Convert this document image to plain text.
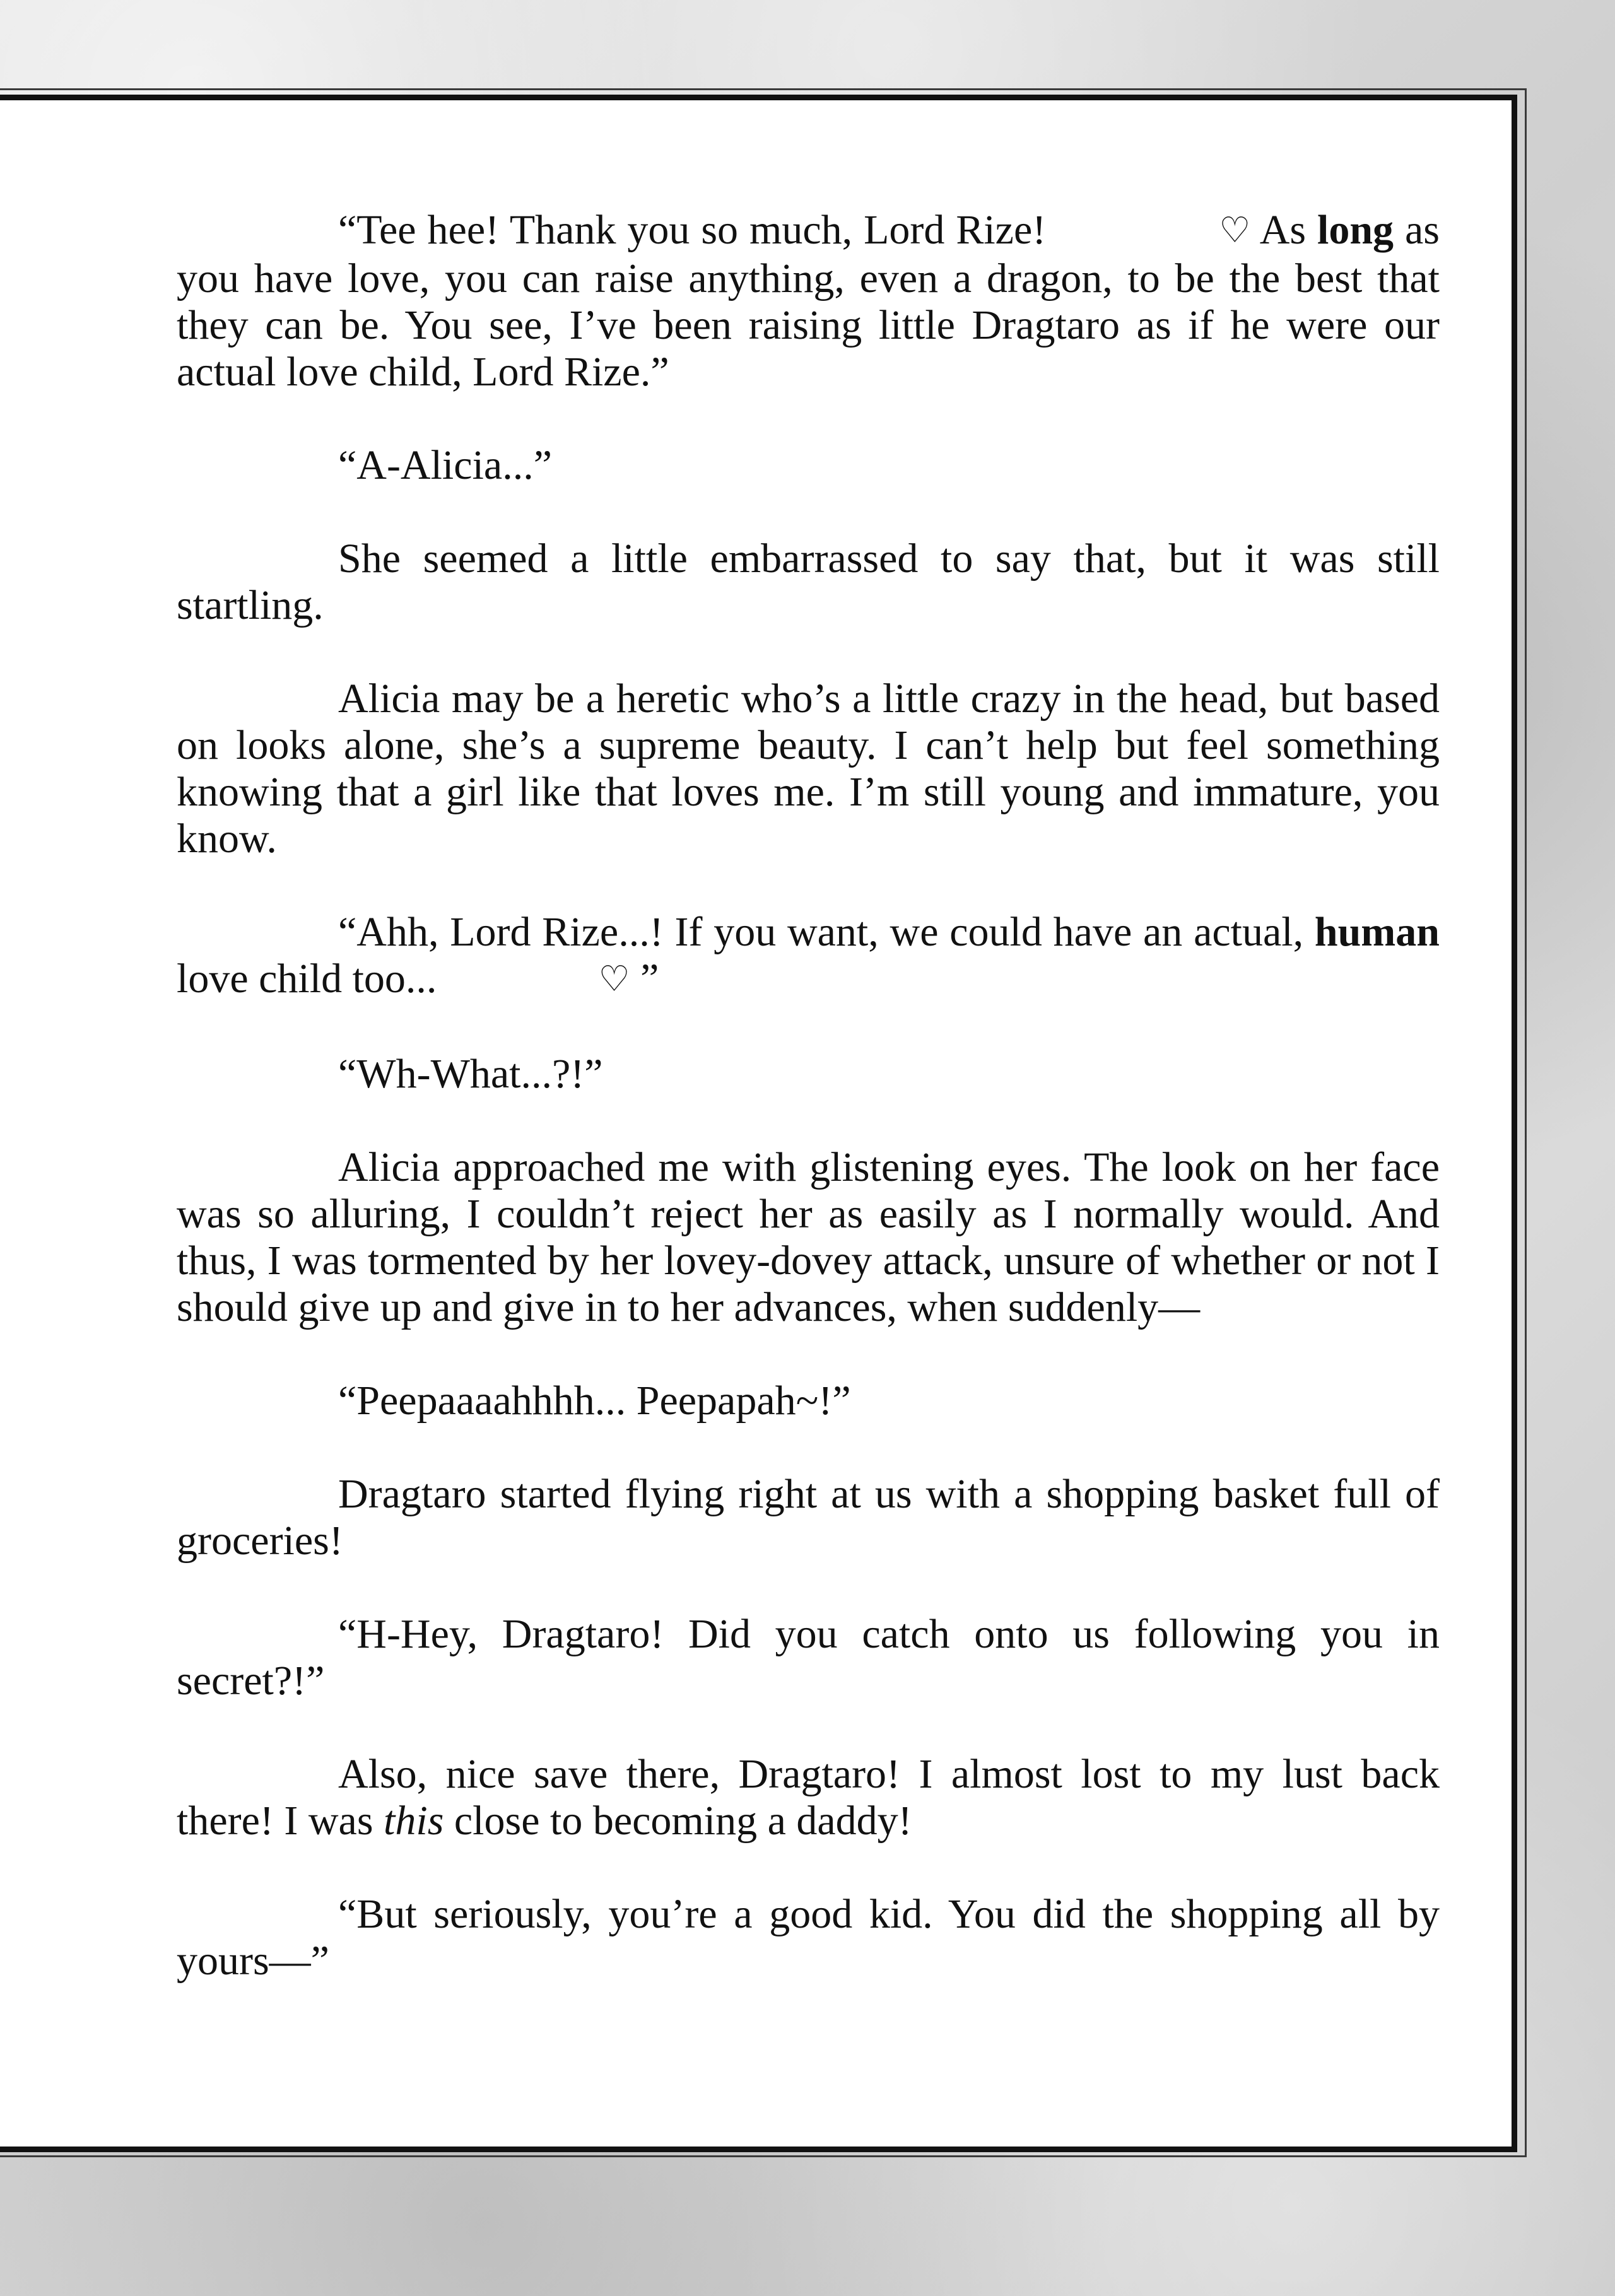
“Tee hee! Thank you so much, Lord Rize!	♡ As long as you have love, you can raise anything, even a dragon, to be the best that they can be. You see, I’ve been raising little Dragtaro as if he were our actual love child, Lord Rize.”

“A-Alicia...”

She seemed a little embarrassed to say that, but it was still startling.

Alicia may be a heretic who’s a little crazy in the head, but based on looks alone, she’s a supreme beauty. I can’t help but feel something knowing that a girl like that loves me. I’m still young and immature, you know.

“Ahh, Lord Rize...! If you want, we could have an actual, human love child too...	♡ ”

“Wh-What...?!”

Alicia approached me with glistening eyes. The look on her face was so alluring, I couldn’t reject her as easily as I normally would. And thus, I was tormented by her lovey-dovey attack, unsure of whether or not I should give up and give in to her advances, when suddenly—

“Peepaaaahhhh... Peepapah~!”

Dragtaro started flying right at us with a shopping basket full of groceries!

“H-Hey, Dragtaro! Did you catch onto us following you in secret?!”

Also, nice save there, Dragtaro! I almost lost to my lust back there! I was this close to becoming a daddy!

“But seriously, you’re a good kid. You did the shopping all by yours—”
